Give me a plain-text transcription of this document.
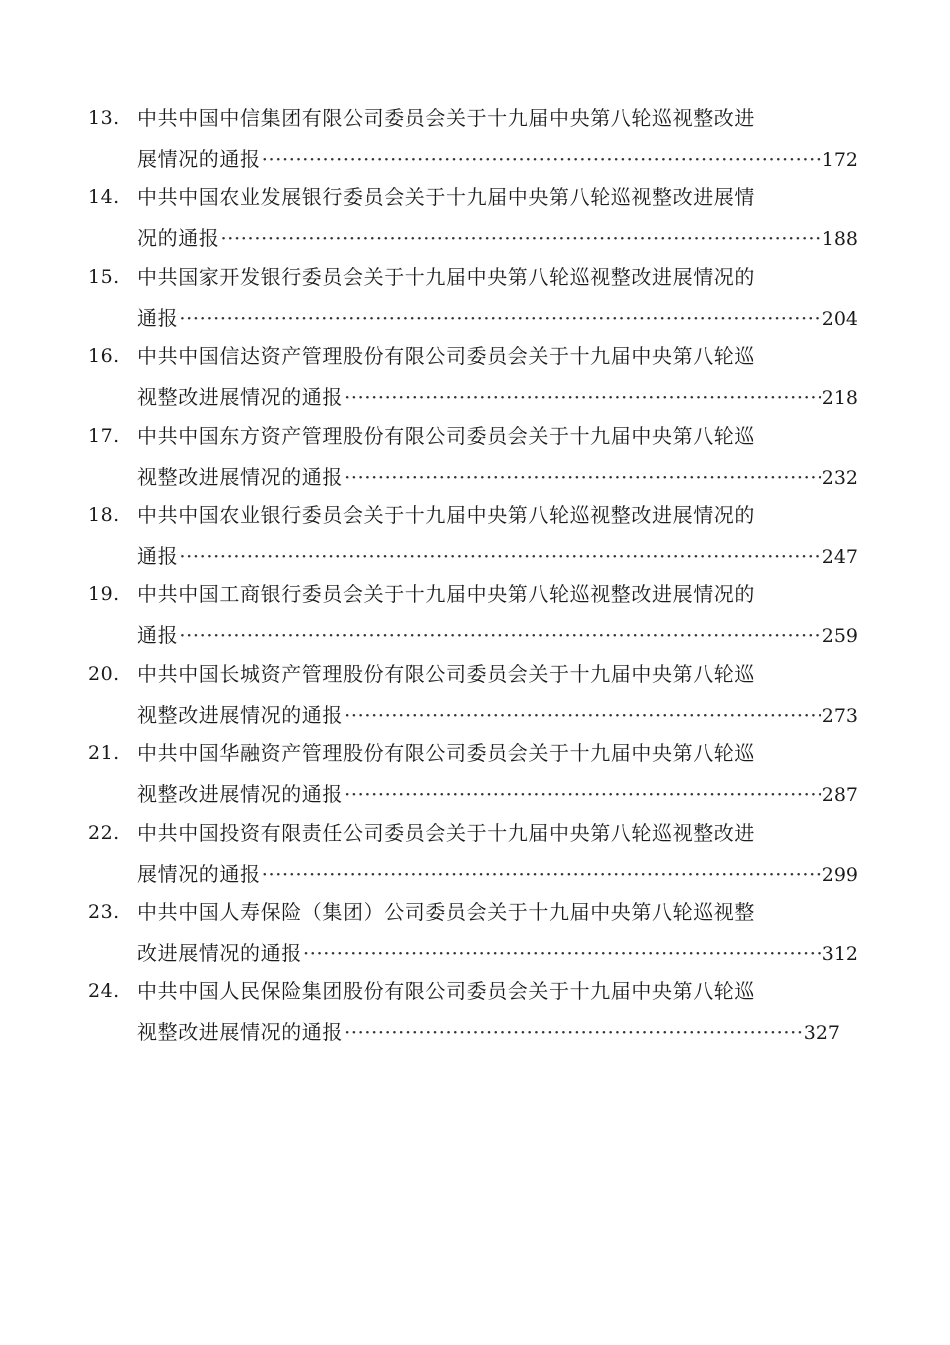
13. 中共中国中信集团有限公司委员会关于十九届中央第八轮巡视整改进
展情况的通报 ·····	172
14. 中共中国农业发展银行委员会关于十九届中央第八轮巡视整改进展情
况的通报 ·····	188
15. 中共国家开发银行委员会关于十九届中央第八轮巡视整改进展情况的
通报 ·····	204
16. 中共中国信达资产管理股份有限公司委员会关于十九届中央第八轮巡
视整改进展情况的通报 ·····	218
17. 中共中国东方资产管理股份有限公司委员会关于十九届中央第八轮巡
视整改进展情况的通报 ·····	232
18. 中共中国农业银行委员会关于十九届中央第八轮巡视整改进展情况的
通报 ·····	247
19. 中共中国工商银行委员会关于十九届中央第八轮巡视整改进展情况的
通报 ·····	259
20. 中共中国长城资产管理股份有限公司委员会关于十九届中央第八轮巡
视整改进展情况的通报 ·····	273
21. 中共中国华融资产管理股份有限公司委员会关于十九届中央第八轮巡
视整改进展情况的通报 ·····	287
22. 中共中国投资有限责任公司委员会关于十九届中央第八轮巡视整改进
展情况的通报 ·····	299
23. 中共中国人寿保险（集团）公司委员会关于十九届中央第八轮巡视整
改进展情况的通报 ·····	312
24. 中共中国人民保险集团股份有限公司委员会关于十九届中央第八轮巡
视整改进展情况的通报 ·····	327
